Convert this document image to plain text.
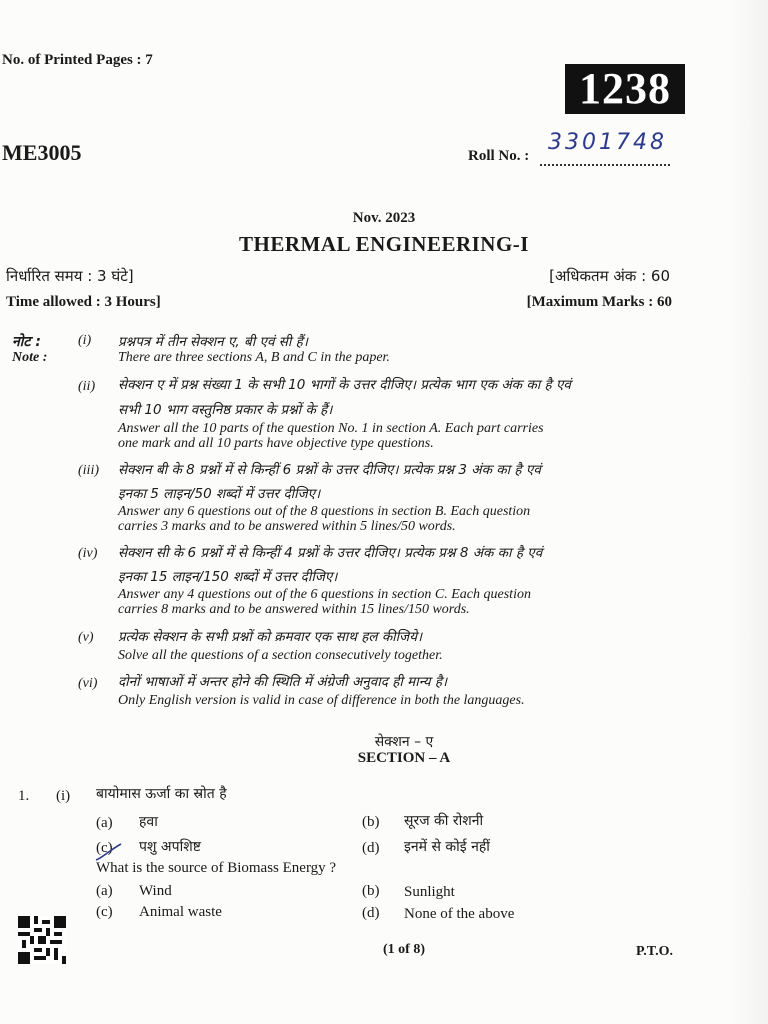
No. of Printed Pages : 7
1238
ME3005	Roll No. :
3301748
Nov. 2023
THERMAL ENGINEERING-I
निर्धारित समय : 3 घंटे]	[अधिकतम अंक : 60
Time allowed : 3 Hours]	[Maximum Marks : 60
नोट :
Note :
(i) प्रश्नपत्र में तीन सेक्शन ए, बी एवं सी हैं।
There are three sections A, B and C in the paper.
(ii) सेक्शन ए में प्रश्न संख्या 1 के सभी 10 भागों के उत्तर दीजिए। प्रत्येक भाग एक अंक का है एवं
सभी 10 भाग वस्तुनिष्ठ प्रकार के प्रश्नों के हैं।
Answer all the 10 parts of the question No. 1 in section A. Each part carries
one mark and all 10 parts have objective type questions.
(iii) सेक्शन बी के 8 प्रश्नों में से किन्हीं 6 प्रश्नों के उत्तर दीजिए। प्रत्येक प्रश्न 3 अंक का है एवं
इनका 5 लाइन/50 शब्दों में उत्तर दीजिए।
Answer any 6 questions out of the 8 questions in section B. Each question
carries 3 marks and to be answered within 5 lines/50 words.
(iv) सेक्शन सी के 6 प्रश्नों में से किन्हीं 4 प्रश्नों के उत्तर दीजिए। प्रत्येक प्रश्न 8 अंक का है एवं
इनका 15 लाइन/150 शब्दों में उत्तर दीजिए।
Answer any 4 questions out of the 6 questions in section C. Each question
carries 8 marks and to be answered within 15 lines/150 words.
(v) प्रत्येक सेक्शन के सभी प्रश्नों को क्रमवार एक साथ हल कीजिये।
Solve all the questions of a section consecutively together.
(vi) दोनों भाषाओं में अन्तर होने की स्थिति में अंग्रेजी अनुवाद ही मान्य है।
Only English version is valid in case of difference in both the languages.
सेक्शन – ए
SECTION – A
1. (i) बायोमास ऊर्जा का स्रोत है
(a) हवा	(b) सूरज की रोशनी
(c) पशु अपशिष्ट	(d) इनमें से कोई नहीं
What is the source of Biomass Energy ?
(a) Wind	(b) Sunlight
(c) Animal waste	(d) None of the above
(1 of 8)	P.T.O.
